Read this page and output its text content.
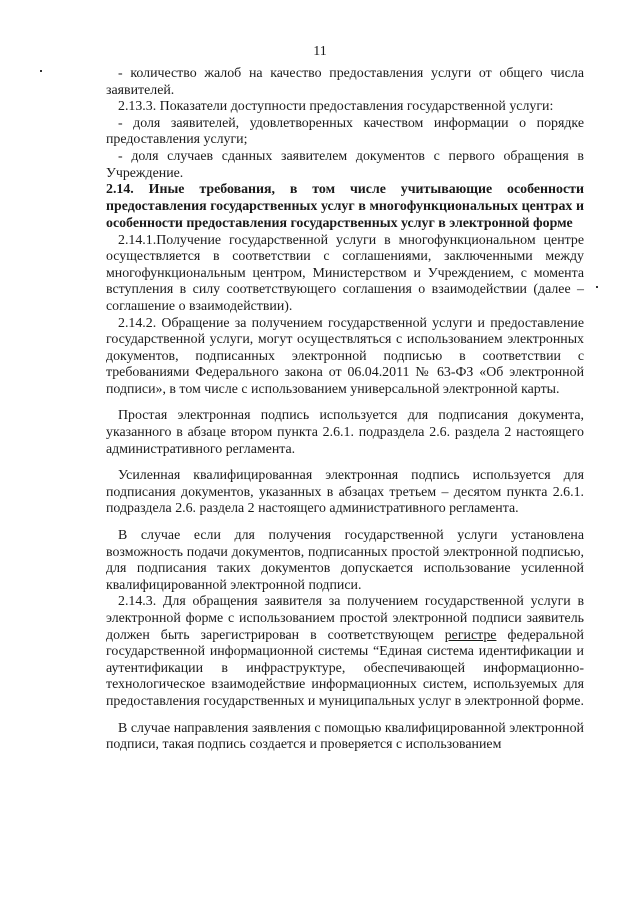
11

- количество жалоб на качество предоставления услуги от общего числа заявителей.

2.13.3. Показатели доступности предоставления государственной услуги:

- доля заявителей, удовлетворенных качеством информации о порядке предоставления услуги;

- доля случаев сданных заявителем документов с первого обращения в Учреждение.

2.14. Иные требования, в том числе учитывающие особенности предоставления государственных услуг в многофункциональных центрах и особенности предоставления государственных услуг в электронной форме

2.14.1.Получение государственной услуги в многофункциональном центре осуществляется в соответствии с соглашениями, заключенными между многофункциональным центром, Министерством и Учреждением, с момента вступления в силу соответствующего соглашения о взаимодействии (далее – соглашение о взаимодействии).

2.14.2. Обращение за получением государственной услуги и предоставление государственной услуги, могут осуществляться с использованием электронных документов, подписанных электронной подписью в соответствии с требованиями Федерального закона от 06.04.2011 № 63-ФЗ «Об электронной подписи», в том числе с использованием универсальной электронной карты.

Простая электронная подпись используется для подписания документа, указанного в абзаце втором пункта 2.6.1. подраздела 2.6. раздела 2 настоящего административного регламента.

Усиленная квалифицированная электронная подпись используется для подписания документов, указанных в абзацах третьем – десятом пункта 2.6.1. подраздела 2.6. раздела 2 настоящего административного регламента.

В случае если для получения государственной услуги установлена возможность подачи документов, подписанных простой электронной подписью, для подписания таких документов допускается использование усиленной квалифицированной электронной подписи.

2.14.3. Для обращения заявителя за получением государственной услуги в электронной форме с использованием простой электронной подписи заявитель должен быть зарегистрирован в соответствующем регистре федеральной государственной информационной системы “Единая система идентификации и аутентификации в инфраструктуре, обеспечивающей информационно-технологическое взаимодействие информационных систем, используемых для предоставления государственных и муниципальных услуг в электронной форме.

В случае направления заявления с помощью квалифицированной электронной подписи, такая подпись создается и проверяется с использованием
